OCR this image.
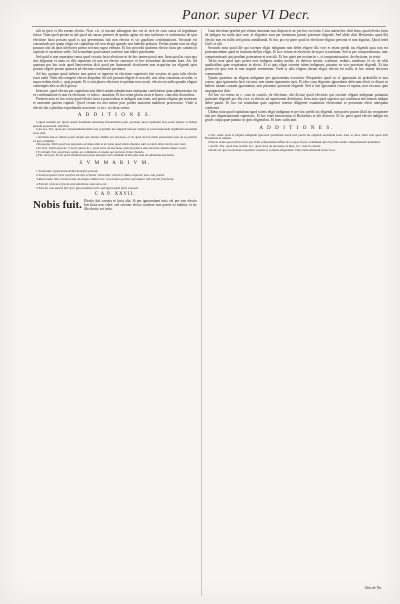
Panor. super VI Decr.

nili in ipsis et illa eorum electio. Non. c.h. et tractari adiungens hoc est ut vtrū eo casu causa sit legitimum fuisse. Nam quod postea in tali quod ad causas pertinet de quibus agitur est non iudicium vt confirmatio de ipsa electione facta possint quod is qui presentatus fuit non electus et sic gaudium confirmationis. Secundo est consuetudo per quam elegit est capitulum vel non elegit quando non habebit prelatos. Prelati autem non ita eligi possunt nisi ab ipsis inferiores primo sed non supra verbum. Et hoc procedit quotiens electio facta per canonicos capitulo et vacatione sedis. Ad secundum quod statuit conferre non habet potestatem.

Sed quid si non reperiatur causa quod vocatio facta electione ut de hoc tamen possit non. Item quod in casu quo duo eliguntur et unus ex illis reputatus sit non est electio canonica: et hoc secundum doctrinam Ioan. An. Ad quartum pro hoc nota quod Innocentius dicit quod per huiusmodi electionem non acquiritur ius eligendi quin possint eligere postea quamvis ad electum confirmatio pertineat.

Ad hoc quoque quod inferior non potest se ingerere in electione superioris nisi vocatus sit quia talis electio esset nulla. Nam ubi competit electio aliquibus illi soli possunt eligere et non alii, nisi alius consensus accedat, vt supra eodem titulo c. quia propter. Et si sint plures electores et quidam non vocati, electio est nulla quando eligunt contemptis aliis ut dicit glossa.

Item not. quod electus per capitulum non debet statim administrare antequam confirmetur quia administratio est ex confirmatione et non ex electione, vt infra c. auaritiae. Et hoc tenet glossa sicut et Innoc. cum aliis doctoribus.

Preterea nota ex hoc textu quod electio facta a paucioribus et indignis non tenet, sed potius eligitur per maiorem et saniorem partem capituli. Quod verum est nisi minor pars probet maiorem malitiose processisse. Vnde si electio fiat a pluribus reprobandis non tenet, vt in c. ecclesia vestra.

A D D I T I O N E S.

a Quod solitum est. Quod autem formulam sententiae Panormitani ponit, probatur quod capitulum non possit eligere vt habeat plenam potestatem. Item Inn.

b Ad eos. Not. quod per consuetudinem illam non acquiritur ius eligendi nisi per tempus et praescriptionem legitimam secundum Ioan. And.

c Attamen non eo minus potest aliquis non electus admitti per electores, et sic quod elector habet potestatem quae ad se pertinet ex iure communi.

d Responsa. Dicit quod ista responsio est Innocentii et sic tenet quod etiam absentes sunt vocandi, aliter electio non valet.

e Et facit. Addit quod sic vt docet glossa in c. quod sicut, de electione, quia ubi plures sunt electores debent omnes vocari.

f Et dictum. Not. quod haec opinio est communis et tenetur per doctores in hac materia.

g Hoc dicit glo. Et est quod statutum non potest derogare iuri communi in his quae sunt de substantia electionis.

S V M M A R I V M.

1 Summatur ignorantia debet benefici priuati.

2 Summa ipsius iuris qui fuit electus scienter retractare voluit et illam respectu eius non potest.

3 Reservatio illa si intercessit ab aliquo iudicis etc. non tamen gratia reprobatur ubi electio fuit facta.

4 Electio reiecta et facta precedentium canonica est.

5 Electio non potest fieri per ignorantiam iuris sed ignorantia facti excusat.

C A P. XXVII.
Nobis fuit. Electio fuit cassata et facta alia. Si per ignorantiam iuris vel per vim electio fuit facta non valet: sed scienter electo conferre non potest ex malitia, et sic illa electio est irrita.

Cum electione praebet per vitium simoniae non disponi et sic per hoc est irrita. Circa autem hoc dicit Inno. quod electio facta de indigno est nulla ipso iure, et eligentes sunt per triennium priuati potestate eligendi. Sed aliter dicit Hostiensis quod illa electio non est nulla sed potius annullanda. Et hoc pro ea parte quod in electione eligitur persona et non dignitas. Quod tenet Goff. et alii.

Secundo nota quod ille qui scienter eligit indignum non debet eligere illa vice et etiam perdit ius eligendi quia non est praesumendum quod in futurum melius eligat. Et hoc verum in electione facta per scrutinium. Sed si per compromissum, tunc compromissarii ipsi perdunt potestatem et non alii. Et hoc patet per textum in c. si compromissarius, de electione, in sexto.

Tertio nota quod quis potest esse indignus multis modis: ex defectu aetatis, scientiae, ordinis, natalium, et sic de aliis qualitatibus quae requiruntur in electo. Et si quis eligat scienter talem indignum, priuatur ea vice potestate eligendi. Et ista poena est ipso iure et non requirit sententiam. Vnde si talis eligens iterum eligat, electio est nulla, et hoc tenent doctores communiter.

Quarto quaeritur an eligens indignum per ignorantiam excusetur. Respondeo quod sic si ignorantia sit probabilis et non crassa, quia ignorantia facti excusat, non tamen ignorantia iuris. Et ideo cum eligentes ignorabant defectum electi et dicunt se habere iustam causam ignorantiae, non priuantur potestate eligendi. Sed si fuit ignorantia crassa et supina, non excusat, quia aequiparatur dolo.

Ad hoc est textus in c. cum in cunctis, de electione, ubi dicitur quod electores qui scienter eligunt indignum priuantur potestate eligendi pro illa vice, et electio ad superiorem devoluitur. Item nota quod superior qui confirmat electionem indigni debet puniri. Et hoc est notandum quia superior tenetur diligenter examinare electionem et personam electi antequam confirmet.

Ultimo nota quod capitulum quod sciens eligit indignum et per hoc perdit ius eligendi, non potest postea illud ius recuperare nisi per dispensationem superioris. Et hoc tenet Innocentius et Hostiensis et alii doctores. Et sic patet quod electio indigni est gravis culpa quae punitur in ipsis eligentibus. Et haec sufficiant.

A D D I T I O N E S.

a Not. Adde quod si eligens indignum ignoravit qualitatem electi non perdit ius eligendi secundum Ioan. And. et alios. Item vide quod dicit Hostiensis in summa.

b Electi. Adde quod electio facta per viam compromissi differt ab ea quae fit per scrutinium quia in prima solum compromissarii puniuntur.

c Aut fit. Not. quod vide Archid. in c. quod sicut, de electione, et Inno. in c. cum in cunctis.

d Ratio est quia in electione requiritur scientia et voluntas eligentium. Vide etiam Abbatem in hoc loco.

Aliis de No.
